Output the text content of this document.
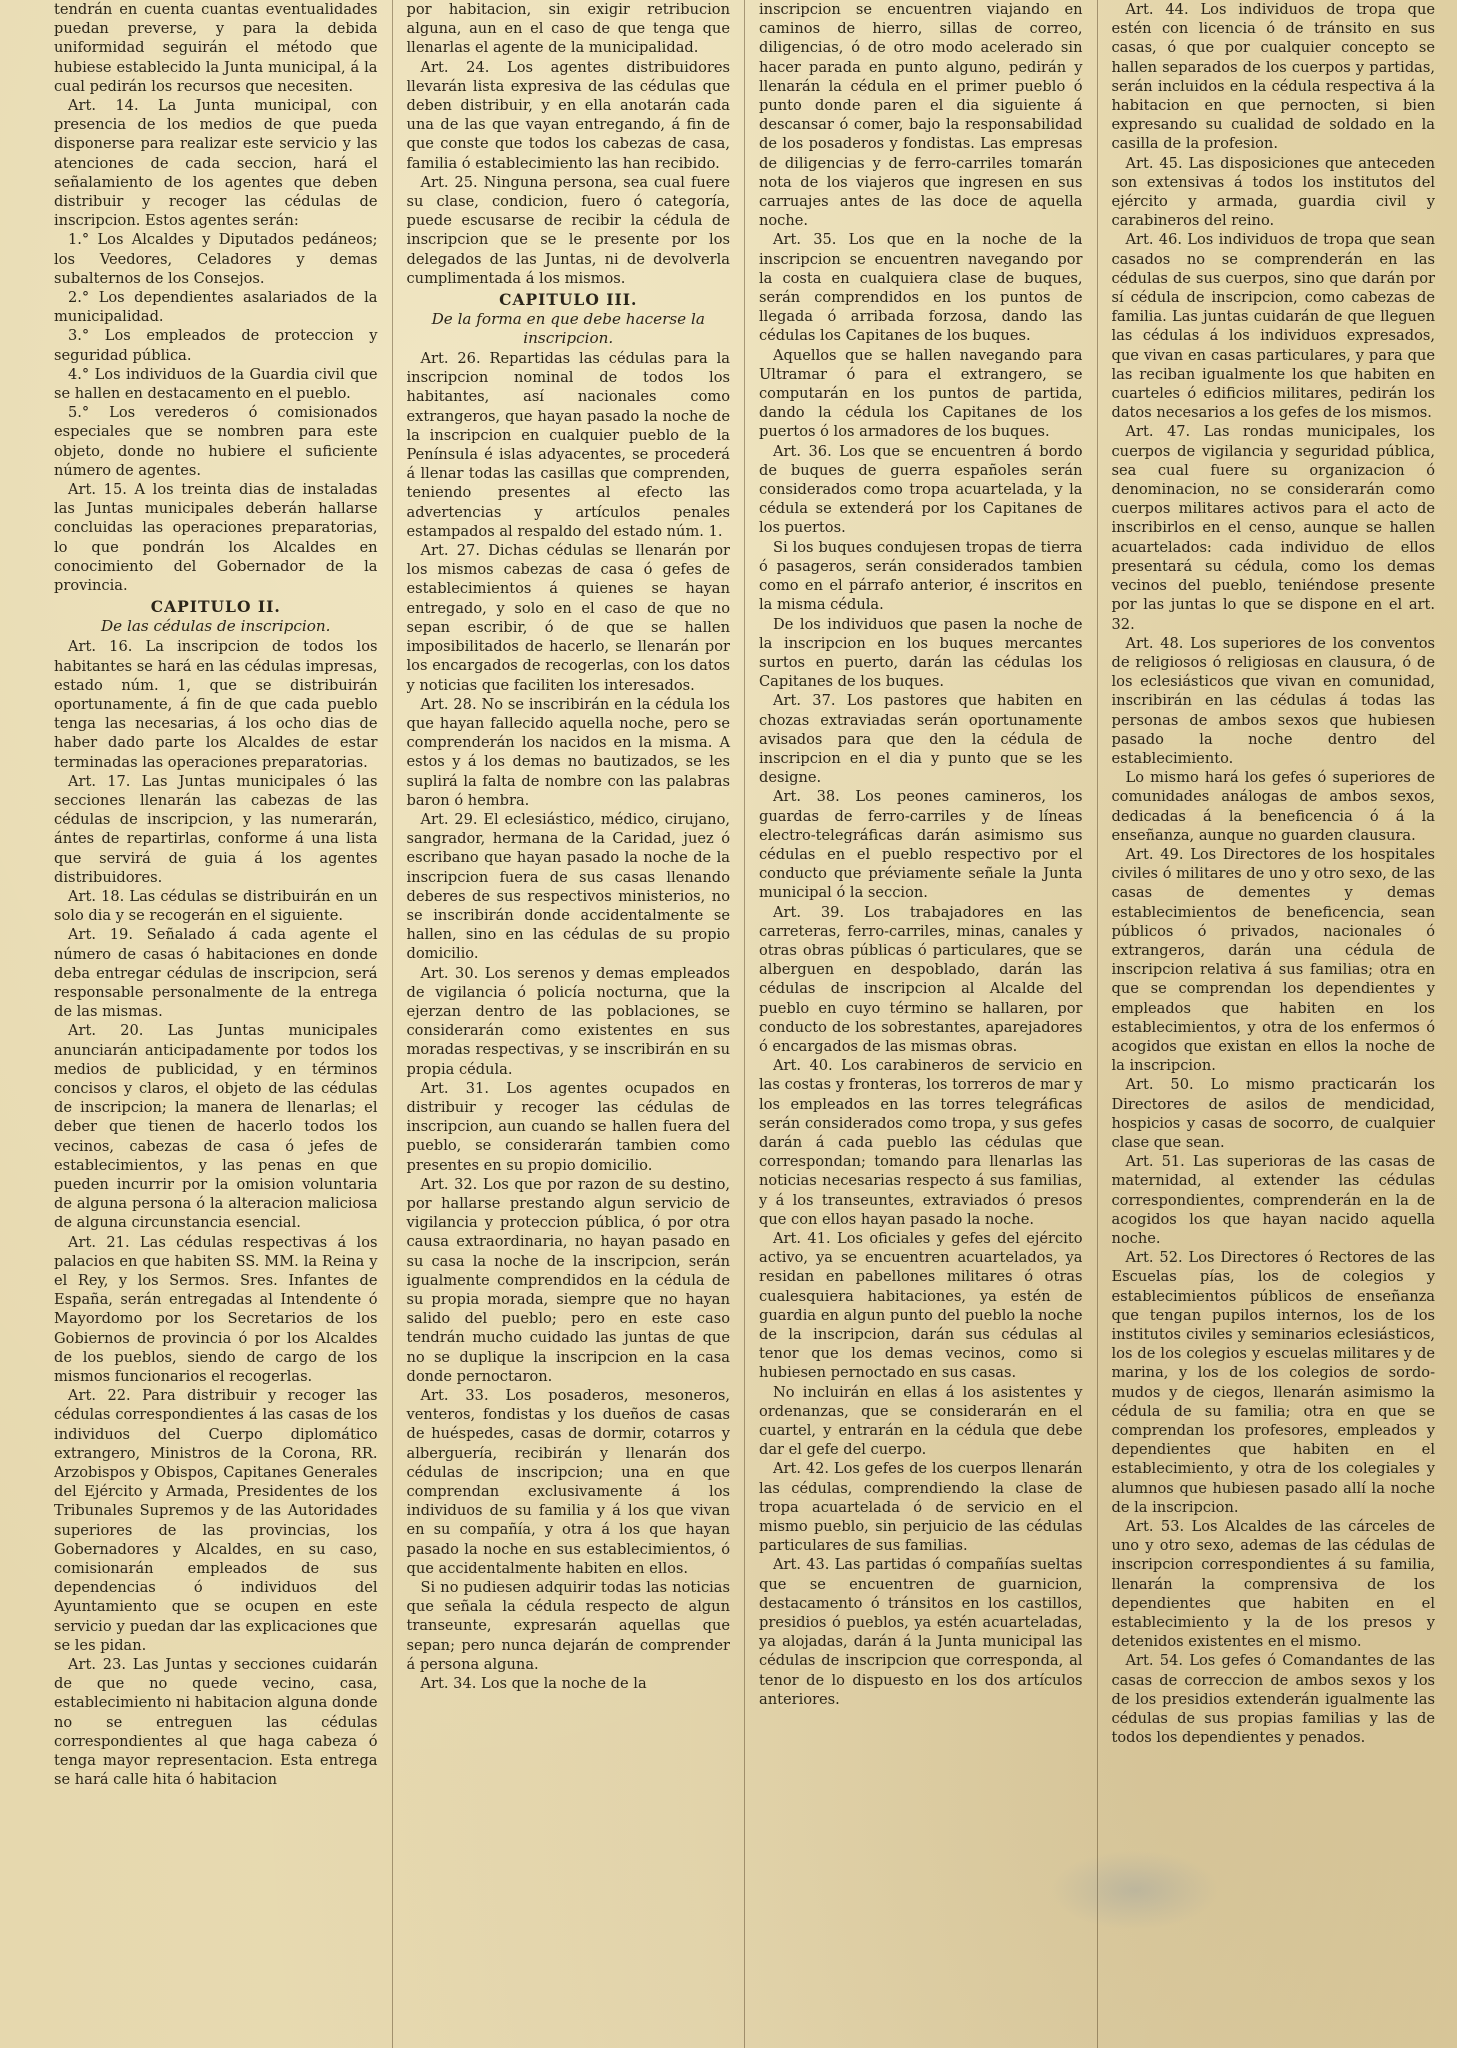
tendrán en cuenta cuantas eventualidades puedan preverse, y para la debida uniformidad seguirán el método que hubiese establecido la Junta municipal, á la cual pedirán los recursos que necesiten.

Art. 14. La Junta municipal, con presencia de los medios de que pueda disponerse para realizar este servicio y las atenciones de cada seccion, hará el señalamiento de los agentes que deben distribuir y recoger las cédulas de inscripcion. Estos agentes serán:

1.° Los Alcaldes y Diputados pedáneos; los Veedores, Celadores y demas subalternos de los Consejos.

2.° Los dependientes asalariados de la municipalidad.

3.° Los empleados de proteccion y seguridad pública.

4.° Los individuos de la Guardia civil que se hallen en destacamento en el pueblo.

5.° Los verederos ó comisionados especiales que se nombren para este objeto, donde no hubiere el suficiente número de agentes.

Art. 15. A los treinta dias de instaladas las Juntas municipales deberán hallarse concluidas las operaciones preparatorias, lo que pondrán los Alcaldes en conocimiento del Gobernador de la provincia.

CAPITULO II.
De las cédulas de inscripcion.

Art. 16. La inscripcion de todos los habitantes se hará en las cédulas impresas, estado núm. 1, que se distribuirán oportunamente, á fin de que cada pueblo tenga las necesarias, á los ocho dias de haber dado parte los Alcaldes de estar terminadas las operaciones preparatorias.

Art. 17. Las Juntas municipales ó las secciones llenarán las cabezas de las cédulas de inscripcion, y las numerarán, ántes de repartirlas, conforme á una lista que servirá de guia á los agentes distribuidores.

Art. 18. Las cédulas se distribuirán en un solo dia y se recogerán en el siguiente.

Art. 19. Señalado á cada agente el número de casas ó habitaciones en donde deba entregar cédulas de inscripcion, será responsable personalmente de la entrega de las mismas.

Art. 20. Las Juntas municipales anunciarán anticipadamente por todos los medios de publicidad, y en términos concisos y claros, el objeto de las cédulas de inscripcion; la manera de llenarlas; el deber que tienen de hacerlo todos los vecinos, cabezas de casa ó jefes de establecimientos, y las penas en que pueden incurrir por la omision voluntaria de alguna persona ó la alteracion maliciosa de alguna circunstancia esencial.

Art. 21. Las cédulas respectivas á los palacios en que habiten SS. MM. la Reina y el Rey, y los Sermos. Sres. Infantes de España, serán entregadas al Intendente ó Mayordomo por los Secretarios de los Gobiernos de provincia ó por los Alcaldes de los pueblos, siendo de cargo de los mismos funcionarios el recogerlas.

Art. 22. Para distribuir y recoger las cédulas correspondientes á las casas de los individuos del Cuerpo diplomático extrangero, Ministros de la Corona, RR. Arzobispos y Obispos, Capitanes Generales del Ejército y Armada, Presidentes de los Tribunales Supremos y de las Autoridades superiores de las provincias, los Gobernadores y Alcaldes, en su caso, comisionarán empleados de sus dependencias ó individuos del Ayuntamiento que se ocupen en este servicio y puedan dar las explicaciones que se les pidan.

Art. 23. Las Juntas y secciones cuidarán de que no quede vecino, casa, establecimiento ni habitacion alguna donde no se entreguen las cédulas correspondientes al que haga cabeza ó tenga mayor representacion. Esta entrega se hará calle hita ó habitacion

por habitacion, sin exigir retribucion alguna, aun en el caso de que tenga que llenarlas el agente de la municipalidad.

Art. 24. Los agentes distribuidores llevarán lista expresiva de las cédulas que deben distribuir, y en ella anotarán cada una de las que vayan entregando, á fin de que conste que todos los cabezas de casa, familia ó establecimiento las han recibido.

Art. 25. Ninguna persona, sea cual fuere su clase, condicion, fuero ó categoría, puede escusarse de recibir la cédula de inscripcion que se le presente por los delegados de las Juntas, ni de devolverla cumplimentada á los mismos.

CAPITULO III.
De la forma en que debe hacerse la inscripcion.

Art. 26. Repartidas las cédulas para la inscripcion nominal de todos los habitantes, así nacionales como extrangeros, que hayan pasado la noche de la inscripcion en cualquier pueblo de la Península é islas adyacentes, se procederá á llenar todas las casillas que comprenden, teniendo presentes al efecto las advertencias y artículos penales estampados al respaldo del estado núm. 1.

Art. 27. Dichas cédulas se llenarán por los mismos cabezas de casa ó gefes de establecimientos á quienes se hayan entregado, y solo en el caso de que no sepan escribir, ó de que se hallen imposibilitados de hacerlo, se llenarán por los encargados de recogerlas, con los datos y noticias que faciliten los interesados.

Art. 28. No se inscribirán en la cédula los que hayan fallecido aquella noche, pero se comprenderán los nacidos en la misma. A estos y á los demas no bautizados, se les suplirá la falta de nombre con las palabras baron ó hembra.

Art. 29. El eclesiástico, médico, cirujano, sangrador, hermana de la Caridad, juez ó escribano que hayan pasado la noche de la inscripcion fuera de sus casas llenando deberes de sus respectivos ministerios, no se inscribirán donde accidentalmente se hallen, sino en las cédulas de su propio domicilio.

Art. 30. Los serenos y demas empleados de vigilancia ó policía nocturna, que la ejerzan dentro de las poblaciones, se considerarán como existentes en sus moradas respectivas, y se inscribirán en su propia cédula.

Art. 31. Los agentes ocupados en distribuir y recoger las cédulas de inscripcion, aun cuando se hallen fuera del pueblo, se considerarán tambien como presentes en su propio domicilio.

Art. 32. Los que por razon de su destino, por hallarse prestando algun servicio de vigilancia y proteccion pública, ó por otra causa extraordinaria, no hayan pasado en su casa la noche de la inscripcion, serán igualmente comprendidos en la cédula de su propia morada, siempre que no hayan salido del pueblo; pero en este caso tendrán mucho cuidado las juntas de que no se duplique la inscripcion en la casa donde pernoctaron.

Art. 33. Los posaderos, mesoneros, venteros, fondistas y los dueños de casas de huéspedes, casas de dormir, cotarros y alberguería, recibirán y llenarán dos cédulas de inscripcion; una en que comprendan exclusivamente á los individuos de su familia y á los que vivan en su compañía, y otra á los que hayan pasado la noche en sus establecimientos, ó que accidentalmente habiten en ellos.

Si no pudiesen adquirir todas las noticias que señala la cédula respecto de algun transeunte, expresarán aquellas que sepan; pero nunca dejarán de comprender á persona alguna.

Art. 34. Los que la noche de la

inscripcion se encuentren viajando en caminos de hierro, sillas de correo, diligencias, ó de otro modo acelerado sin hacer parada en punto alguno, pedirán y llenarán la cédula en el primer pueblo ó punto donde paren el dia siguiente á descansar ó comer, bajo la responsabilidad de los posaderos y fondistas. Las empresas de diligencias y de ferro-carriles tomarán nota de los viajeros que ingresen en sus carruajes antes de las doce de aquella noche.

Art. 35. Los que en la noche de la inscripcion se encuentren navegando por la costa en cualquiera clase de buques, serán comprendidos en los puntos de llegada ó arribada forzosa, dando las cédulas los Capitanes de los buques.

Aquellos que se hallen navegando para Ultramar ó para el extrangero, se computarán en los puntos de partida, dando la cédula los Capitanes de los puertos ó los armadores de los buques.

Art. 36. Los que se encuentren á bordo de buques de guerra españoles serán considerados como tropa acuartelada, y la cédula se extenderá por los Capitanes de los puertos.

Si los buques condujesen tropas de tierra ó pasageros, serán considerados tambien como en el párrafo anterior, é inscritos en la misma cédula.

De los individuos que pasen la noche de la inscripcion en los buques mercantes surtos en puerto, darán las cédulas los Capitanes de los buques.

Art. 37. Los pastores que habiten en chozas extraviadas serán oportunamente avisados para que den la cédula de inscripcion en el dia y punto que se les designe.

Art. 38. Los peones camineros, los guardas de ferro-carriles y de líneas electro-telegráficas darán asimismo sus cédulas en el pueblo respectivo por el conducto que préviamente señale la Junta municipal ó la seccion.

Art. 39. Los trabajadores en las carreteras, ferro-carriles, minas, canales y otras obras públicas ó particulares, que se alberguen en despoblado, darán las cédulas de inscripcion al Alcalde del pueblo en cuyo término se hallaren, por conducto de los sobrestantes, aparejadores ó encargados de las mismas obras.

Art. 40. Los carabineros de servicio en las costas y fronteras, los torreros de mar y los empleados en las torres telegráficas serán considerados como tropa, y sus gefes darán á cada pueblo las cédulas que correspondan; tomando para llenarlas las noticias necesarias respecto á sus familias, y á los transeuntes, extraviados ó presos que con ellos hayan pasado la noche.

Art. 41. Los oficiales y gefes del ejército activo, ya se encuentren acuartelados, ya residan en pabellones militares ó otras cualesquiera habitaciones, ya estén de guardia en algun punto del pueblo la noche de la inscripcion, darán sus cédulas al tenor que los demas vecinos, como si hubiesen pernoctado en sus casas.

No incluirán en ellas á los asistentes y ordenanzas, que se considerarán en el cuartel, y entrarán en la cédula que debe dar el gefe del cuerpo.

Art. 42. Los gefes de los cuerpos llenarán las cédulas, comprendiendo la clase de tropa acuartelada ó de servicio en el mismo pueblo, sin perjuicio de las cédulas particulares de sus familias.

Art. 43. Las partidas ó compañías sueltas que se encuentren de guarnicion, destacamento ó tránsitos en los castillos, presidios ó pueblos, ya estén acuarteladas, ya alojadas, darán á la Junta municipal las cédulas de inscripcion que corresponda, al tenor de lo dispuesto en los dos artículos anteriores.

Art. 44. Los individuos de tropa que estén con licencia ó de tránsito en sus casas, ó que por cualquier concepto se hallen separados de los cuerpos y partidas, serán incluidos en la cédula respectiva á la habitacion en que pernocten, si bien expresando su cualidad de soldado en la casilla de la profesion.

Art. 45. Las disposiciones que anteceden son extensivas á todos los institutos del ejército y armada, guardia civil y carabineros del reino.

Art. 46. Los individuos de tropa que sean casados no se comprenderán en las cédulas de sus cuerpos, sino que darán por sí cédula de inscripcion, como cabezas de familia. Las juntas cuidarán de que lleguen las cédulas á los individuos expresados, que vivan en casas particulares, y para que las reciban igualmente los que habiten en cuarteles ó edificios militares, pedirán los datos necesarios a los gefes de los mismos.

Art. 47. Las rondas municipales, los cuerpos de vigilancia y seguridad pública, sea cual fuere su organizacion ó denominacion, no se considerarán como cuerpos militares activos para el acto de inscribirlos en el censo, aunque se hallen acuartelados: cada individuo de ellos presentará su cédula, como los demas vecinos del pueblo, teniéndose presente por las juntas lo que se dispone en el art. 32.

Art. 48. Los superiores de los conventos de religiosos ó religiosas en clausura, ó de los eclesiásticos que vivan en comunidad, inscribirán en las cédulas á todas las personas de ambos sexos que hubiesen pasado la noche dentro del establecimiento.

Lo mismo hará los gefes ó superiores de comunidades análogas de ambos sexos, dedicadas á la beneficencia ó á la enseñanza, aunque no guarden clausura.

Art. 49. Los Directores de los hospitales civiles ó militares de uno y otro sexo, de las casas de dementes y demas establecimientos de beneficencia, sean públicos ó privados, nacionales ó extrangeros, darán una cédula de inscripcion relativa á sus familias; otra en que se comprendan los dependientes y empleados que habiten en los establecimientos, y otra de los enfermos ó acogidos que existan en ellos la noche de la inscripcion.

Art. 50. Lo mismo practicarán los Directores de asilos de mendicidad, hospicios y casas de socorro, de cualquier clase que sean.

Art. 51. Las superioras de las casas de maternidad, al extender las cédulas correspondientes, comprenderán en la de acogidos los que hayan nacido aquella noche.

Art. 52. Los Directores ó Rectores de las Escuelas pías, los de colegios y establecimientos públicos de enseñanza que tengan pupilos internos, los de los institutos civiles y seminarios eclesiásticos, los de los colegios y escuelas militares y de marina, y los de los colegios de sordo-mudos y de ciegos, llenarán asimismo la cédula de su familia; otra en que se comprendan los profesores, empleados y dependientes que habiten en el establecimiento, y otra de los colegiales y alumnos que hubiesen pasado allí la noche de la inscripcion.

Art. 53. Los Alcaldes de las cárceles de uno y otro sexo, ademas de las cédulas de inscripcion correspondientes á su familia, llenarán la comprensiva de los dependientes que habiten en el establecimiento y la de los presos y detenidos existentes en el mismo.

Art. 54. Los gefes ó Comandantes de las casas de correccion de ambos sexos y los de los presidios extenderán igualmente las cédulas de sus propias familias y las de todos los dependientes y penados.
